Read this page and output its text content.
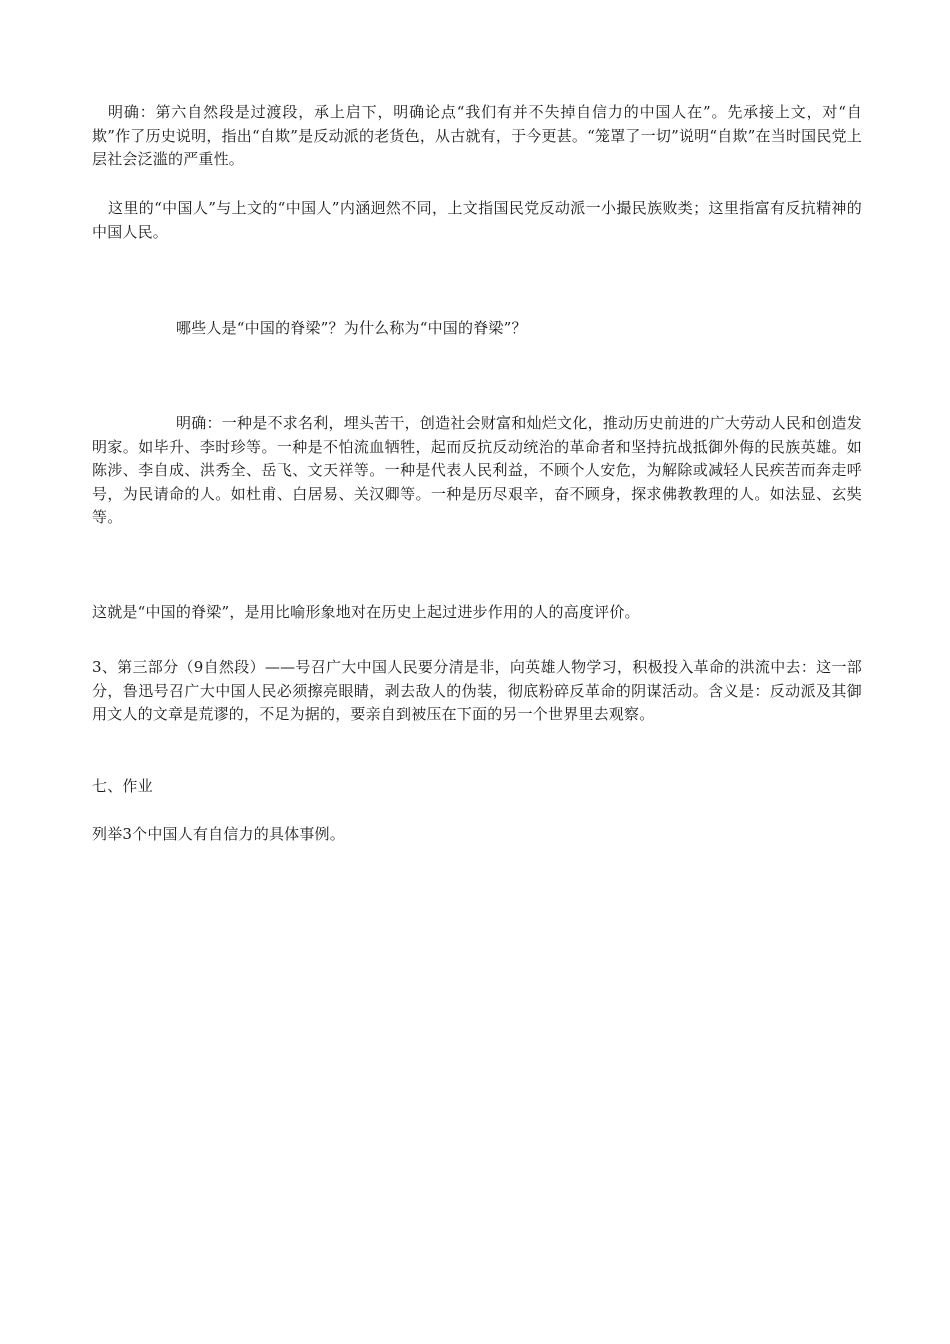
明确：第六自然段是过渡段，承上启下，明确论点“我们有并不失掉自信力的中国人在”。先承接上文，对“自欺”作了历史说明，指出“自欺”是反动派的老货色，从古就有，于今更甚。“笼罩了一切”说明“自欺”在当时国民党上层社会泛滥的严重性。

这里的“中国人”与上文的“中国人”内涵迥然不同，上文指国民党反动派一小撮民族败类；这里指富有反抗精神的中国人民。

哪些人是“中国的脊梁”？为什么称为“中国的脊梁”？

明确：一种是不求名利，埋头苦干，创造社会财富和灿烂文化，推动历史前进的广大劳动人民和创造发明家。如毕升、李时珍等。一种是不怕流血牺牲，起而反抗反动统治的革命者和坚持抗战抵御外侮的民族英雄。如陈涉、李自成、洪秀全、岳飞、文天祥等。一种是代表人民利益，不顾个人安危，为解除或减轻人民疾苦而奔走呼号，为民请命的人。如杜甫、白居易、关汉卿等。一种是历尽艰辛，奋不顾身，探求佛教教理的人。如法显、玄奘等。

这就是“中国的脊梁”，是用比喻形象地对在历史上起过进步作用的人的高度评价。

3、第三部分（9自然段）——号召广大中国人民要分清是非，向英雄人物学习，积极投入革命的洪流中去：这一部分，鲁迅号召广大中国人民必须擦亮眼睛，剥去敌人的伪装，彻底粉碎反革命的阴谋活动。含义是：反动派及其御用文人的文章是荒谬的，不足为据的，要亲自到被压在下面的另一个世界里去观察。

七、作业

列举3个中国人有自信力的具体事例。
